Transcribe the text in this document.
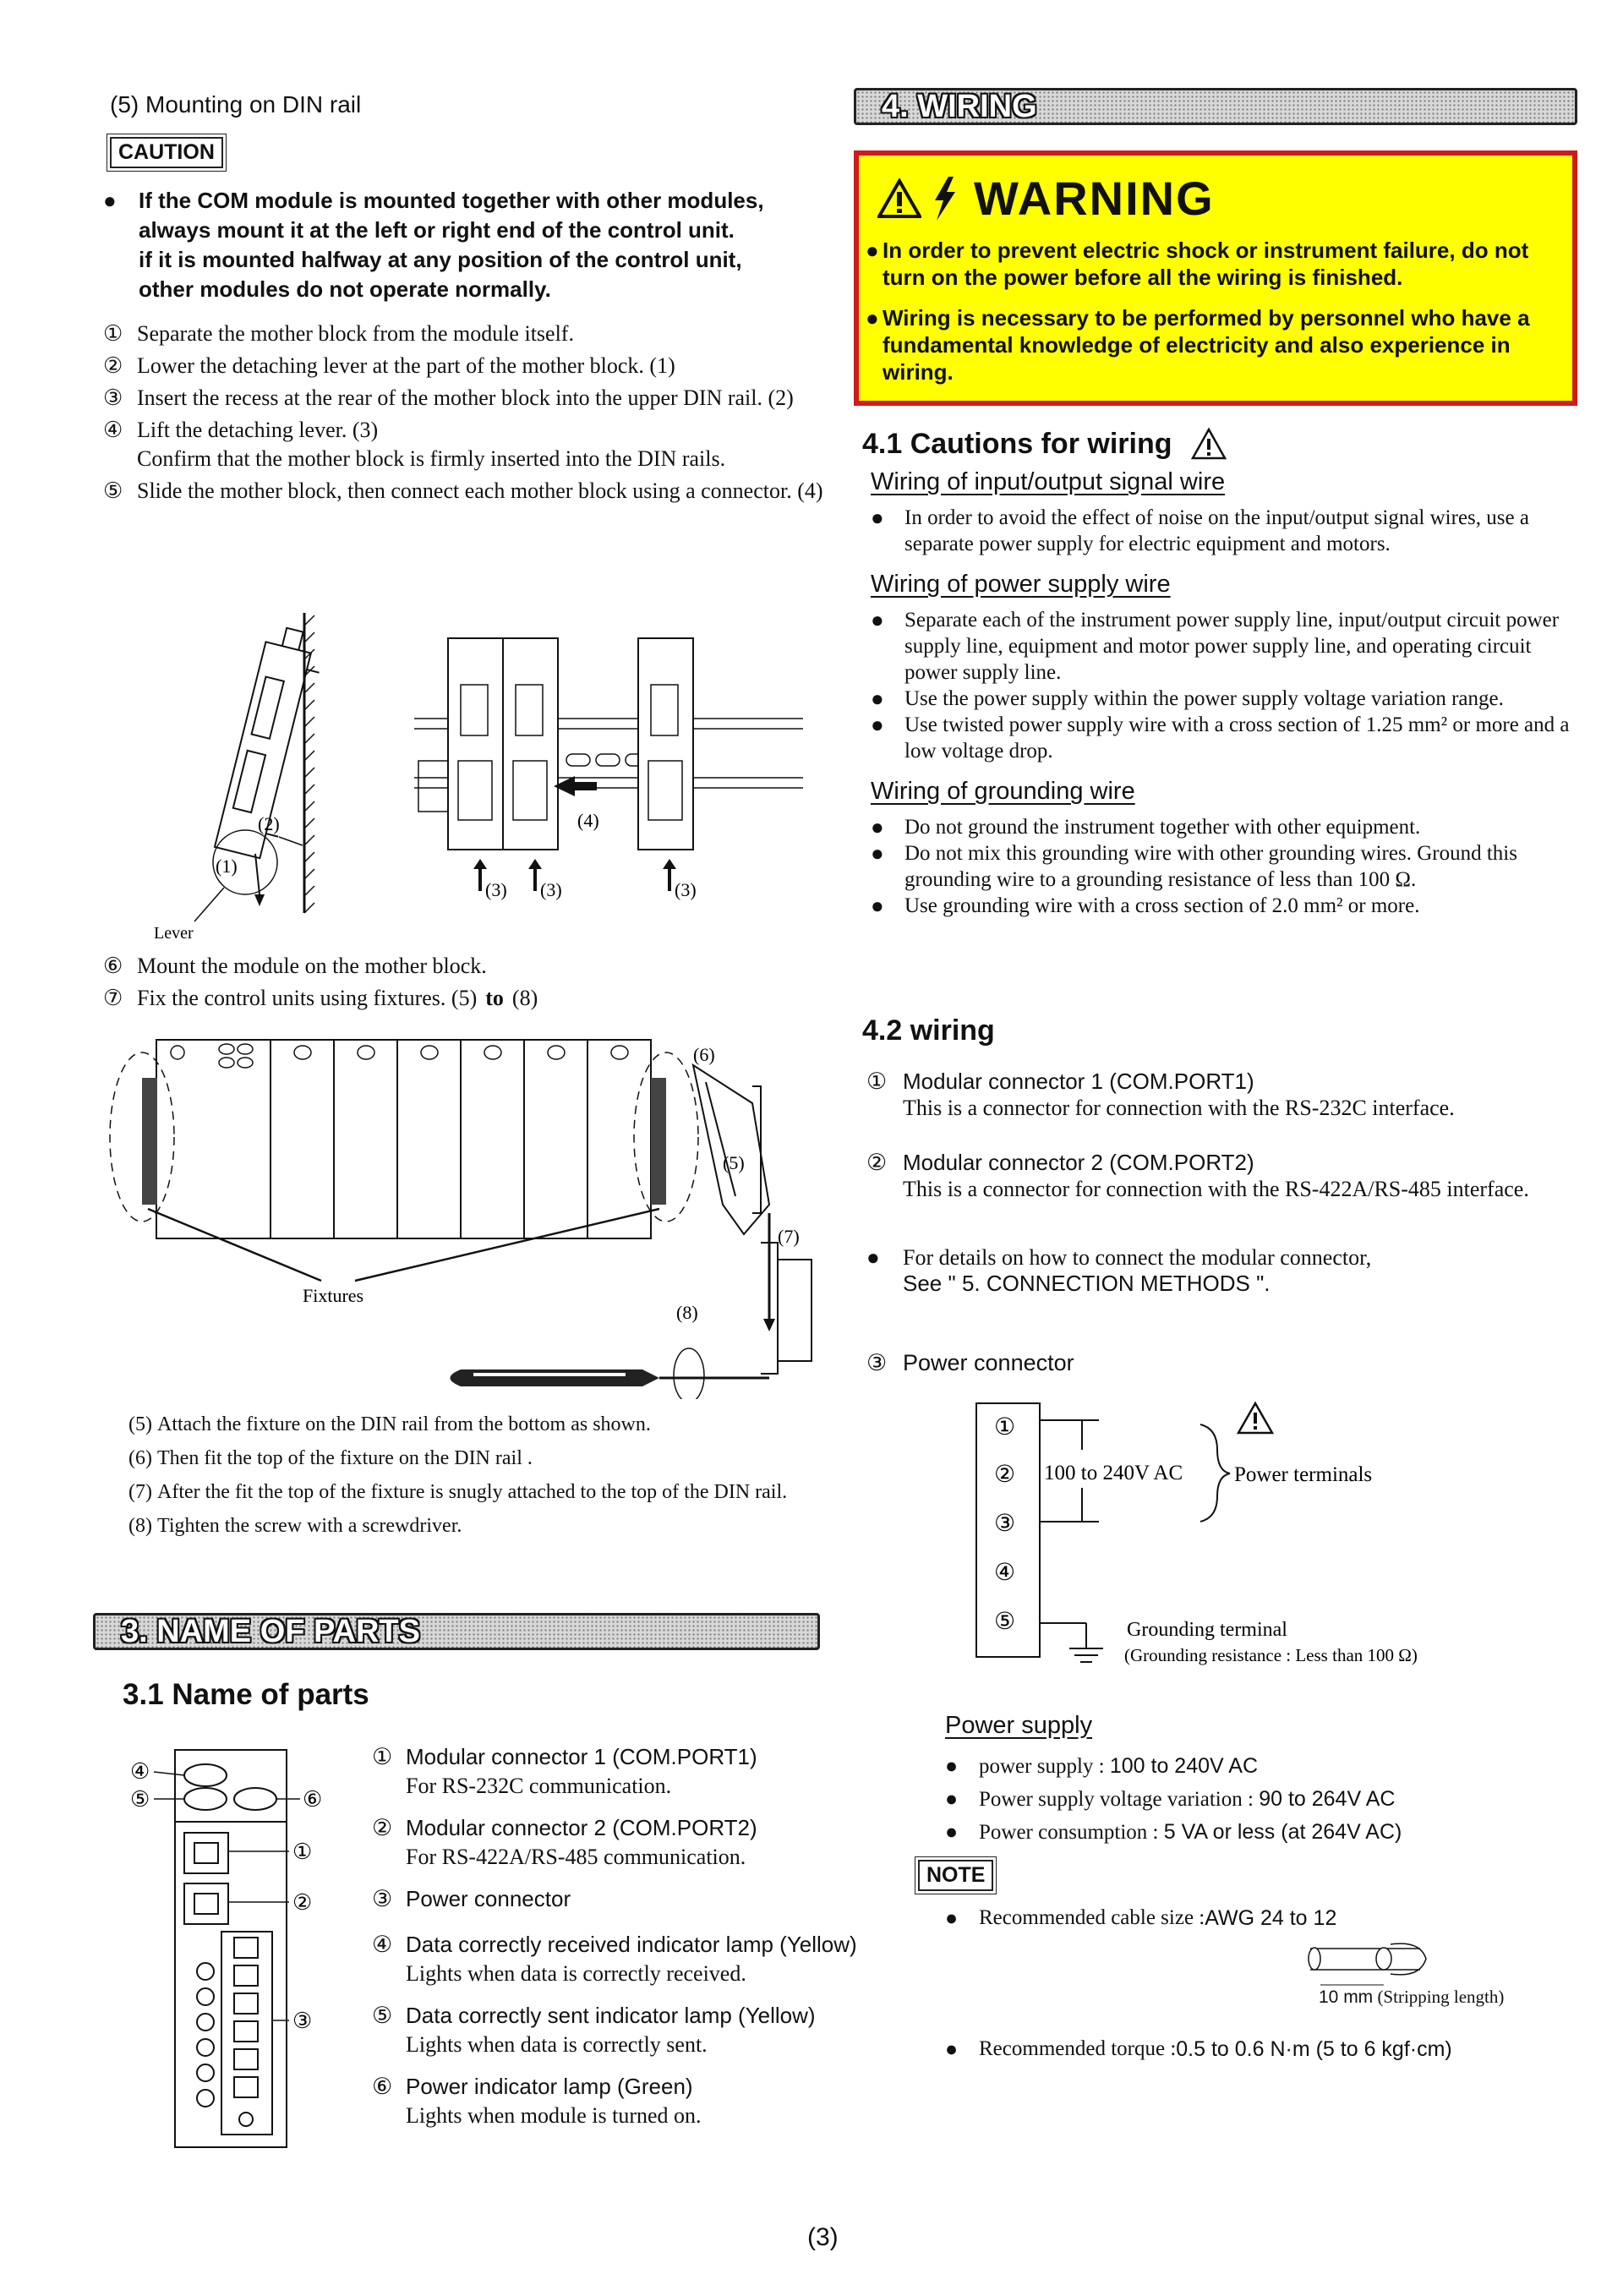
(5) Mounting on DIN rail
CAUTION
●	If the COM module is mounted together with other modules,
always mount it at the left or right end of the control unit.
if it is mounted halfway at any position of the control unit,
other modules do not operate normally.
① Separate the mother block from the module itself.
② Lower the detaching lever at the part of the mother block. (1)
③ Insert the recess at the rear of the mother block into the upper DIN rail. (2)
④ Lift the detaching lever. (3)
Confirm that the mother block is firmly inserted into the DIN rails.
⑤ Slide the mother block, then connect each mother block using a connector. (4)
(2)
(1)
Lever
(4)
(3) (3)	(3)
⑥ Mount the module on the mother block.
⑦ Fix the control units using fixtures. (5) to (8)
Fixtures
(6)
(5)
(7)
(8)
(5) Attach the fixture on the DIN rail from the bottom as shown.
(6) Then fit the top of the fixture on the DIN rail .
(7) After the fit the top of the fixture is snugly attached to the top of the DIN rail.
(8) Tighten the screw with a screwdriver.
3. NAME OF PARTS
3.1 Name of parts
④
⑤	⑥
①
②
③
① Modular connector 1 (COM.PORT1)
For RS-232C communication.
② Modular connector 2 (COM.PORT2)
For RS-422A/RS-485 communication.
③ Power connector
④ Data correctly received indicator lamp (Yellow)
Lights when data is correctly received.
⑤ Data correctly sent indicator lamp (Yellow)
Lights when data is correctly sent.
⑥ Power indicator lamp (Green)
Lights when module is turned on.
4. WIRING
WARNING
● In order to prevent electric shock or instrument failure, do not turn on the power before all the wiring is finished.
● Wiring is necessary to be performed by personnel who have a fundamental knowledge of electricity and also experience in wiring.
4.1 Cautions for wiring
Wiring of input/output signal wire
● In order to avoid the effect of noise on the input/output signal wires, use a separate power supply for electric equipment and motors.
Wiring of power supply wire
● Separate each of the instrument power supply line, input/output circuit power supply line, equipment and motor power supply line, and operating circuit power supply line.
● Use the power supply within the power supply voltage variation range.
● Use twisted power supply wire with a cross section of 1.25 mm² or more and a low voltage drop.
Wiring of grounding wire
● Do not ground the instrument together with other equipment.
● Do not mix this grounding wire with other grounding wires. Ground this grounding wire to a grounding resistance of less than 100 Ω.
● Use grounding wire with a cross section of 2.0 mm² or more.
4.2 wiring
① Modular connector 1 (COM.PORT1)
This is a connector for connection with the RS-232C interface.
② Modular connector 2 (COM.PORT2)
This is a connector for connection with the RS-422A/RS-485 interface.
●	For details on how to connect the modular connector,
See " 5. CONNECTION METHODS ".
③ Power connector
①
②
③
④
⑤
100 to 240V AC Power terminals
Grounding terminal
(Grounding resistance : Less than 100 Ω)
Power supply
● power supply : 100 to 240V AC
● Power supply voltage variation : 90 to 264V AC
● Power consumption : 5 VA or less (at 264V AC)
NOTE
● Recommended cable size : AWG 24 to 12
10 mm (Stripping length)
● Recommended torque : 0.5 to 0.6 N·m (5 to 6 kgf·cm)
(3)
